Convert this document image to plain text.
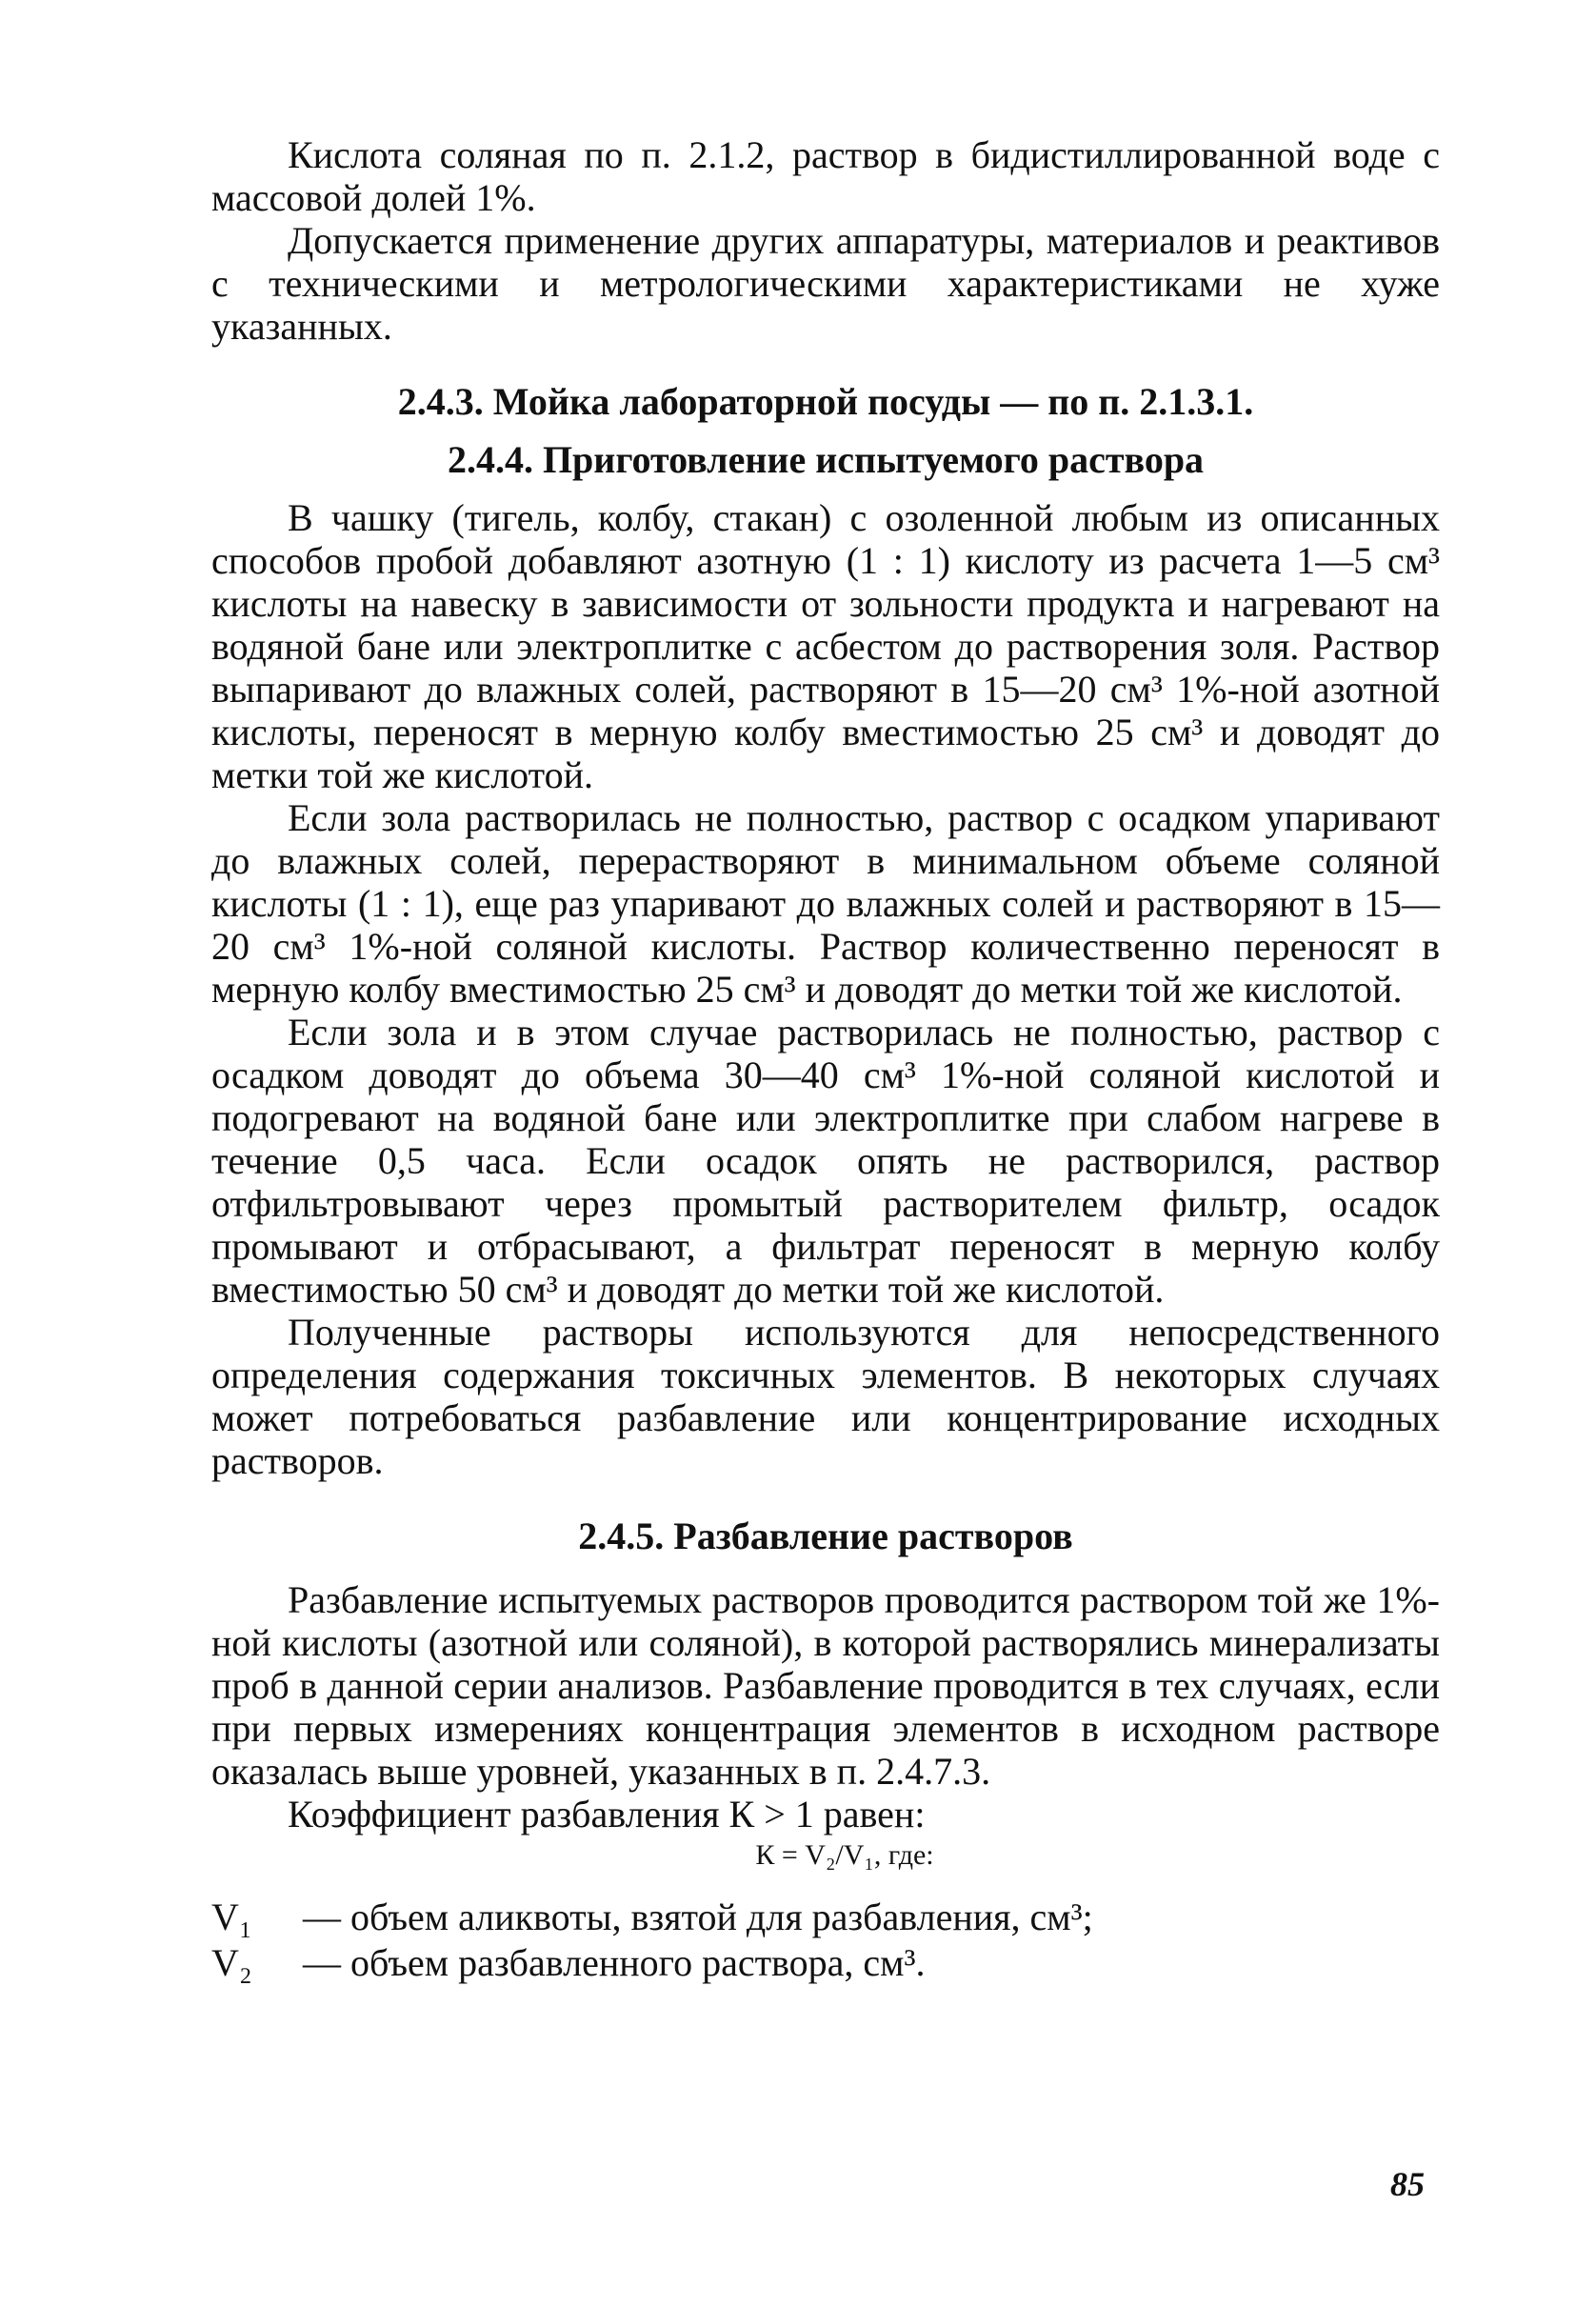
Кислота соляная по п. 2.1.2, раствор в бидистиллированной воде с массовой долей 1%.

Допускается применение других аппаратуры, материалов и реактивов с техническими и метрологическими характеристиками не хуже указанных.

2.4.3. Мойка лабораторной посуды — по п. 2.1.3.1.
2.4.4. Приготовление испытуемого раствора

В чашку (тигель, колбу, стакан) с озоленной любым из описанных способов пробой добавляют азотную (1 : 1) кислоту из расчета 1—5 см³ кислоты на навеску в зависимости от зольности продукта и нагревают на водяной бане или электроплитке с асбестом до растворения золя. Раствор выпаривают до влажных солей, растворяют в 15—20 см³ 1%-ной азотной кислоты, переносят в мерную колбу вместимостью 25 см³ и доводят до метки той же кислотой.

Если зола растворилась не полностью, раствор с осадком упаривают до влажных солей, перерастворяют в минимальном объеме соляной кислоты (1 : 1), еще раз упаривают до влажных солей и растворяют в 15—20 см³ 1%-ной соляной кислоты. Раствор количественно переносят в мерную колбу вместимостью 25 см³ и доводят до метки той же кислотой.

Если зола и в этом случае растворилась не полностью, раствор с осадком доводят до объема 30—40 см³ 1%-ной соляной кислотой и подогревают на водяной бане или электроплитке при слабом нагреве в течение 0,5 часа. Если осадок опять не растворился, раствор отфильтровывают через промытый растворителем фильтр, осадок промывают и отбрасывают, а фильтрат переносят в мерную колбу вместимостью 50 см³ и доводят до метки той же кислотой.

Полученные растворы используются для непосредственного определения содержания токсичных элементов. В некоторых случаях может потребоваться разбавление или концентрирование исходных растворов.

2.4.5. Разбавление растворов

Разбавление испытуемых растворов проводится раствором той же 1%-ной кислоты (азотной или соляной), в которой растворялись минерализаты проб в данной серии анализов. Разбавление проводится в тех случаях, если при первых измерениях концентрация элементов в исходном растворе оказалась выше уровней, указанных в п. 2.4.7.3.

Коэффициент разбавления К > 1 равен:

К = V₂/V₁, где:
V₁	— объем аликвоты, взятой для разбавления, см³;
V₂	— объем разбавленного раствора, см³.
85
